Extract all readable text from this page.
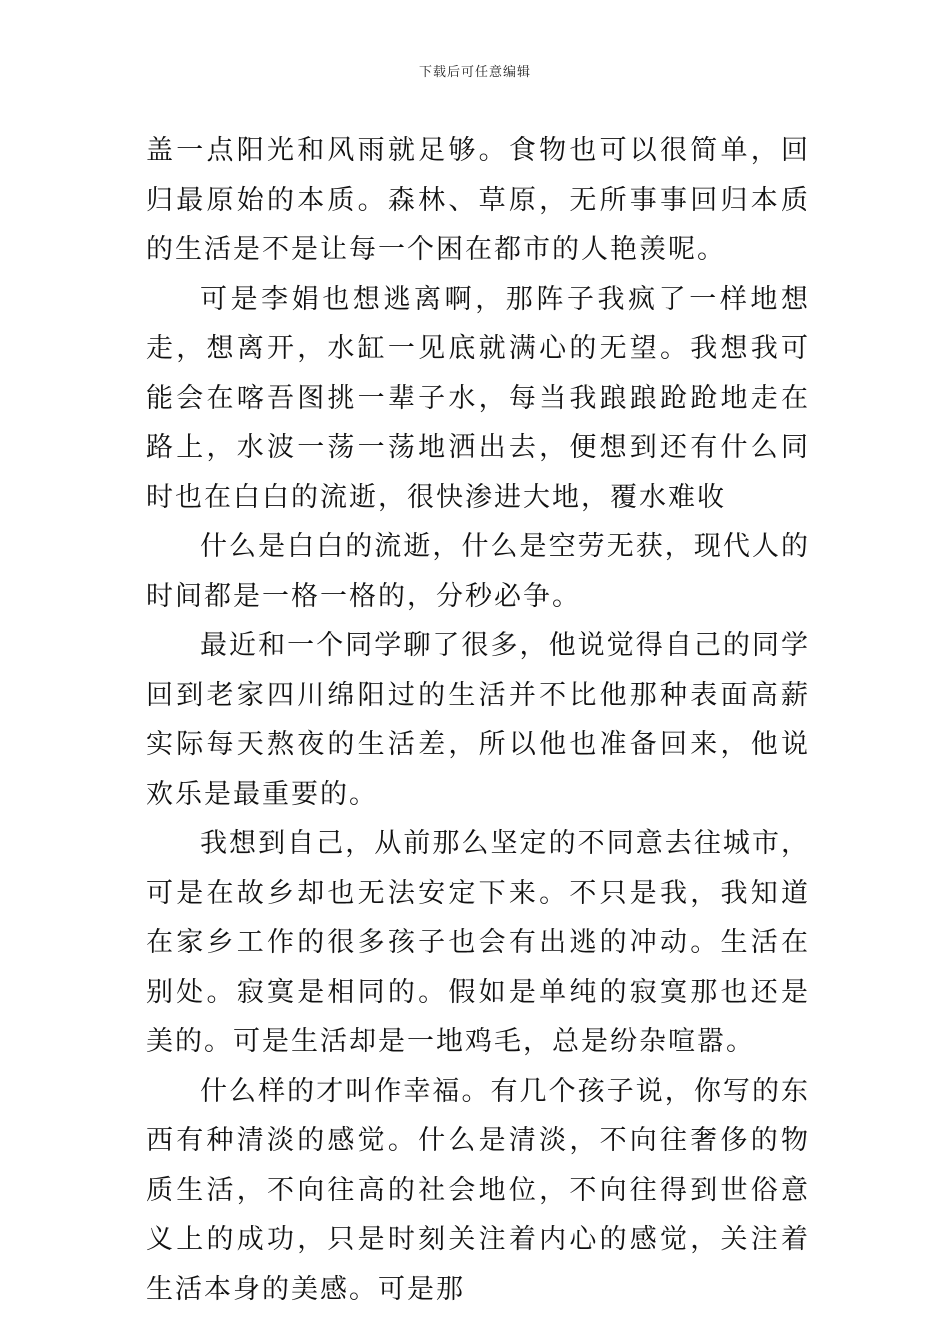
下载后可任意编辑

盖一点阳光和风雨就足够。食物也可以很简单，回归最原始的本质。森林、草原，无所事事回归本质的生活是不是让每一个困在都市的人艳羡呢。

可是李娟也想逃离啊，那阵子我疯了一样地想走，想离开，水缸一见底就满心的无望。我想我可能会在喀吾图挑一辈子水，每当我踉踉跄跄地走在路上，水波一荡一荡地洒出去，便想到还有什么同时也在白白的流逝，很快渗进大地，覆水难收

什么是白白的流逝，什么是空劳无获，现代人的时间都是一格一格的，分秒必争。

最近和一个同学聊了很多，他说觉得自己的同学回到老家四川绵阳过的生活并不比他那种表面高薪实际每天熬夜的生活差，所以他也准备回来，他说欢乐是最重要的。

我想到自己，从前那么坚定的不同意去往城市，可是在故乡却也无法安定下来。不只是我，我知道在家乡工作的很多孩子也会有出逃的冲动。生活在别处。寂寞是相同的。假如是单纯的寂寞那也还是美的。可是生活却是一地鸡毛，总是纷杂喧嚣。

什么样的才叫作幸福。有几个孩子说，你写的东西有种清淡的感觉。什么是清淡，不向往奢侈的物质生活，不向往高的社会地位，不向往得到世俗意义上的成功，只是时刻关注着内心的感觉，关注着生活本身的美感。可是那
